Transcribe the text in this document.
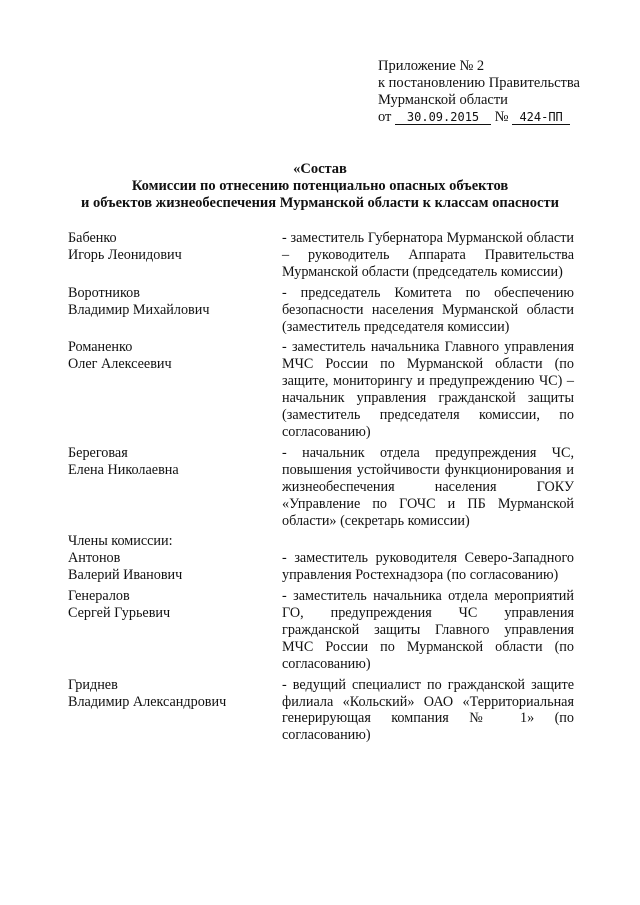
Приложение № 2
к постановлению Правительства
Мурманской области
от 30.09.2015 № 424-ПП
«Состав
Комиссии по отнесению потенциально опасных объектов
и объектов жизнеобеспечения Мурманской области к классам опасности
Бабенко
Игорь Леонидович
- заместитель Губернатора Мурманской области – руководитель Аппарата Правительства Мурманской области (председатель комиссии)
Воротников
Владимир Михайлович
- председатель Комитета по обеспечению безопасности населения Мурманской области (заместитель председателя комиссии)
Романенко
Олег Алексеевич
- заместитель начальника Главного управления МЧС России по Мурманской области (по защите, мониторингу и предупреждению ЧС) – начальник управления гражданской защиты (заместитель председателя комиссии, по согласованию)
Береговая
Елена Николаевна
- начальник отдела предупреждения ЧС, повышения устойчивости функционирования и жизнеобеспечения населения ГОКУ «Управление по ГОЧС и ПБ Мурманской области» (секретарь комиссии)
Члены комиссии:
Антонов
Валерий Иванович
- заместитель руководителя Северо-Западного управления Ростехнадзора (по согласованию)
Генералов
Сергей Гурьевич
- заместитель начальника отдела мероприятий ГО, предупреждения ЧС управления гражданской защиты Главного управления МЧС России по Мурманской области (по согласованию)
Гриднев
Владимир Александрович
- ведущий специалист по гражданской защите филиала «Кольский» ОАО «Территориальная генерирующая компания № 1» (по согласованию)
